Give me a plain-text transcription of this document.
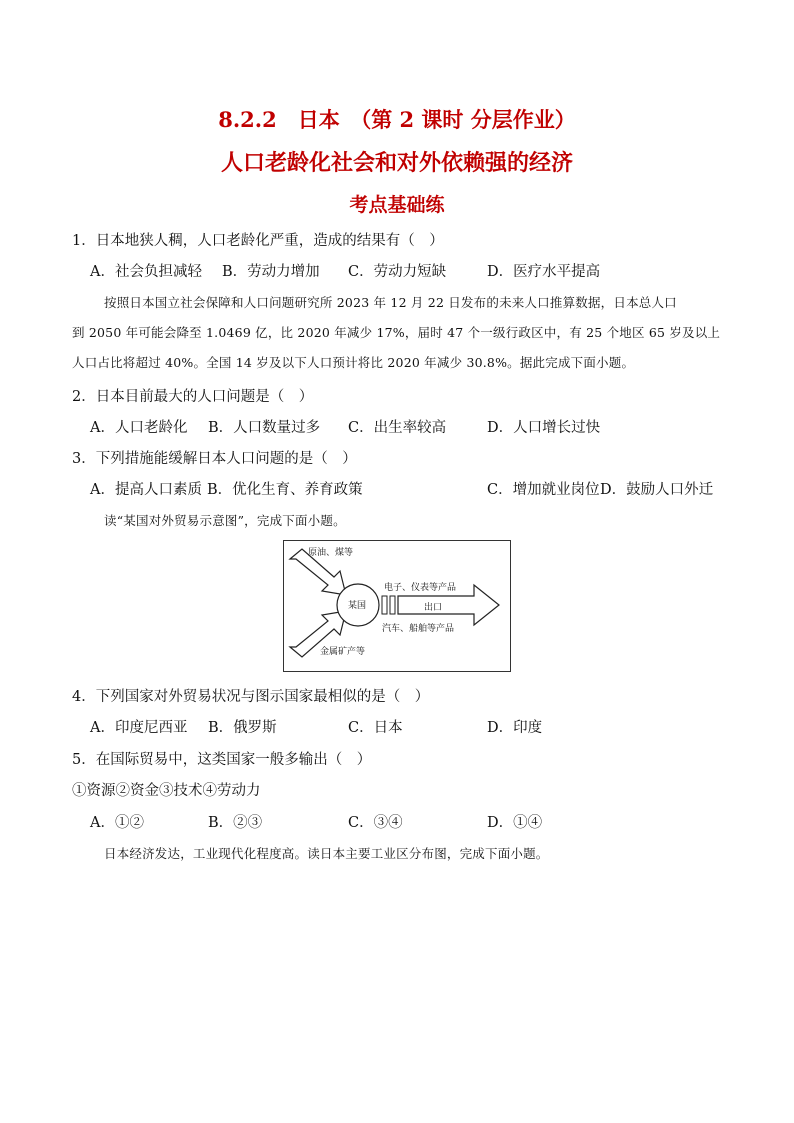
8.2.2　日本　（第 2 课时 分层作业）
人口老龄化社会和对外依赖强的经济
考点基础练
1．日本地狭人稠，人口老龄化严重，造成的结果有（　）
A．社会负担减轻 B．劳动力增加 C．劳动力短缺	D．医疗水平提高
按照日本国立社会保障和人口问题研究所 2023 年 12 月 22 日发布的未来人口推算数据，日本总人口
到 2050 年可能会降至 1.0469 亿，比 2020 年减少 17%，届时 47 个一级行政区中，有 25 个地区 65 岁及以上
人口占比将超过 40%。全国 14 岁及以下人口预计将比 2020 年减少 30.8%。据此完成下面小题。
2．日本目前最大的人口问题是（　）
A．人口老龄化 B．人口数量过多 C．出生率较高	D．人口增长过快
3．下列措施能缓解日本人口问题的是（　）
A．提高人口素质 B．优化生育、养育政策	C．增加就业岗位 D．鼓励人口外迁
读“某国对外贸易示意图”，完成下面小题。
原油、煤等
金属矿产等
某国
电子、仪表等产品
出口
汽车、船舶等产品
4．下列国家对外贸易状况与图示国家最相似的是（　）
A．印度尼西亚 B．俄罗斯	C．日本	D．印度
5．在国际贸易中，这类国家一般多输出（　）
①资源②资金③技术④劳动力
A．①②	B．②③	C．③④	D．①④
日本经济发达，工业现代化程度高。读日本主要工业区分布图，完成下面小题。
